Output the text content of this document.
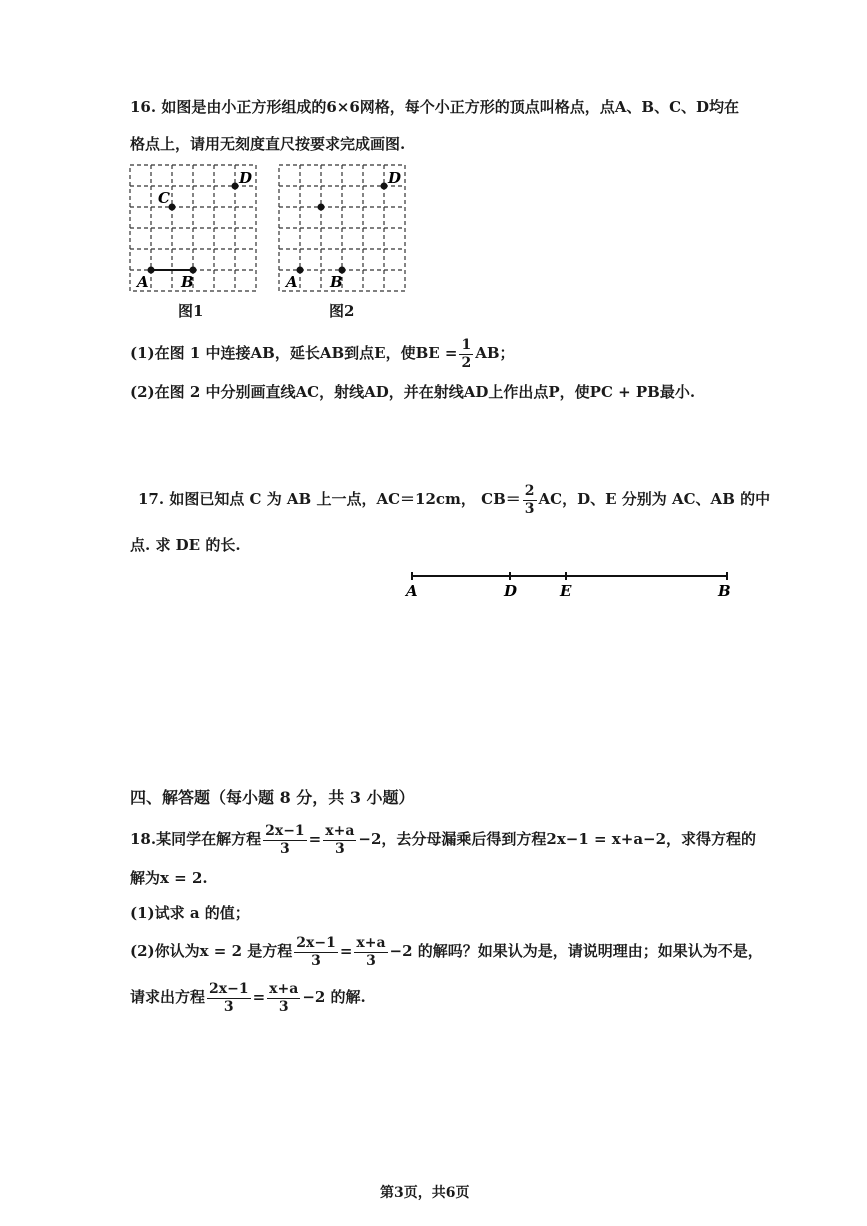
16. 如图是由小正方形组成的6×6网格，每个小正方形的顶点叫格点，点A、B、C、D均在
格点上，请用无刻度直尺按要求完成画图.
A B
C
D
图1
A B
D
图2
(1)在图 1 中连接AB，延长AB到点E，使BE = $\frac{1}{2}$ AB；
(2)在图 2 中分别画直线AC，射线AD，并在射线AD上作出点P，使PC + PB最小.
17. 如图已知点 C 为 AB 上一点，AC＝12cm， $CB= \frac{2}{3}$ AC，D、E 分别为 AC、AB 的中
点. 求 DE 的长.
A	D	E	B
四、解答题（每小题 8 分，共 3 小题）
18.某同学在解方程 $\frac{2x-1}{3} = \frac{x+a}{3} -2$，去分母漏乘后得到方程2x−1 = x+a−2，求得方程的
解为x = 2.
(1)试求 a 的值；
(2)你认为x = 2 是方程 $\frac{2x-1}{3} = \frac{x+a}{3} -2$ 的解吗？如果认为是，请说明理由；如果认为不是，
请求出方程 $\frac{2x-1}{3} = \frac{x+a}{3} -2$ 的解.
第3页，共6页
